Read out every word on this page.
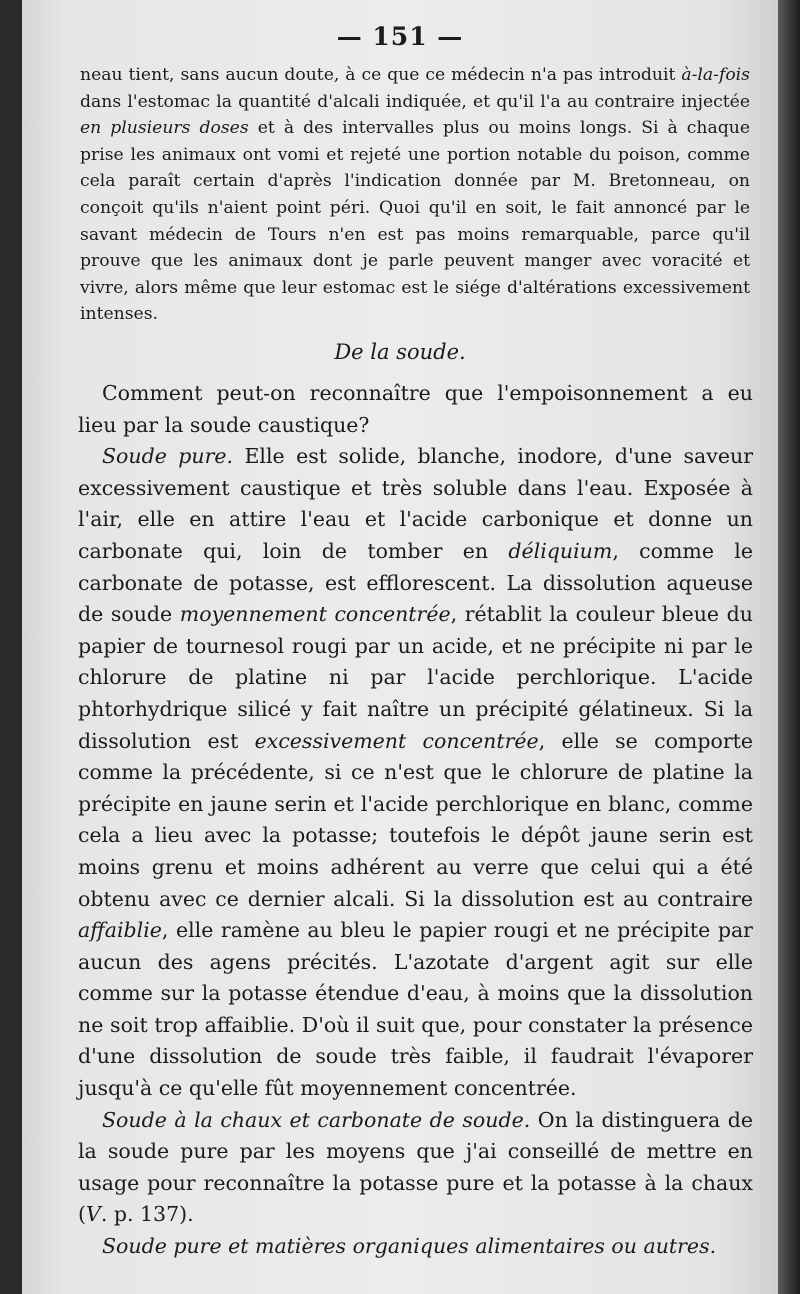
— 151 —

neau tient, sans aucun doute, à ce que ce médecin n'a pas introduit à-la-fois dans l'estomac la quantité d'alcali indiquée, et qu'il l'a au contraire injectée en plusieurs doses et à des intervalles plus ou moins longs. Si à chaque prise les animaux ont vomi et rejeté une portion notable du poison, comme cela paraît certain d'après l'indication donnée par M. Bretonneau, on conçoit qu'ils n'aient point péri. Quoi qu'il en soit, le fait annoncé par le savant médecin de Tours n'en est pas moins remarquable, parce qu'il prouve que les animaux dont je parle peuvent manger avec voracité et vivre, alors même que leur estomac est le siége d'altérations excessivement intenses.

De la soude.

Comment peut-on reconnaître que l'empoisonnement a eu lieu par la soude caustique?

Soude pure. Elle est solide, blanche, inodore, d'une saveur excessivement caustique et très soluble dans l'eau. Exposée à l'air, elle en attire l'eau et l'acide carbonique et donne un carbonate qui, loin de tomber en déliquium, comme le carbonate de potasse, est efflorescent. La dissolution aqueuse de soude moyennement concentrée, rétablit la couleur bleue du papier de tournesol rougi par un acide, et ne précipite ni par le chlorure de platine ni par l'acide perchlorique. L'acide phtorhydrique silicé y fait naître un précipité gélatineux. Si la dissolution est excessivement concentrée, elle se comporte comme la précédente, si ce n'est que le chlorure de platine la précipite en jaune serin et l'acide perchlorique en blanc, comme cela a lieu avec la potasse; toutefois le dépôt jaune serin est moins grenu et moins adhérent au verre que celui qui a été obtenu avec ce dernier alcali. Si la dissolution est au contraire affaiblie, elle ramène au bleu le papier rougi et ne précipite par aucun des agens précités. L'azotate d'argent agit sur elle comme sur la potasse étendue d'eau, à moins que la dissolution ne soit trop affaiblie. D'où il suit que, pour constater la présence d'une dissolution de soude très faible, il faudrait l'évaporer jusqu'à ce qu'elle fût moyennement concentrée.

Soude à la chaux et carbonate de soude. On la distinguera de la soude pure par les moyens que j'ai conseillé de mettre en usage pour reconnaître la potasse pure et la potasse à la chaux (V. p. 137).

Soude pure et matières organiques alimentaires ou autres.
